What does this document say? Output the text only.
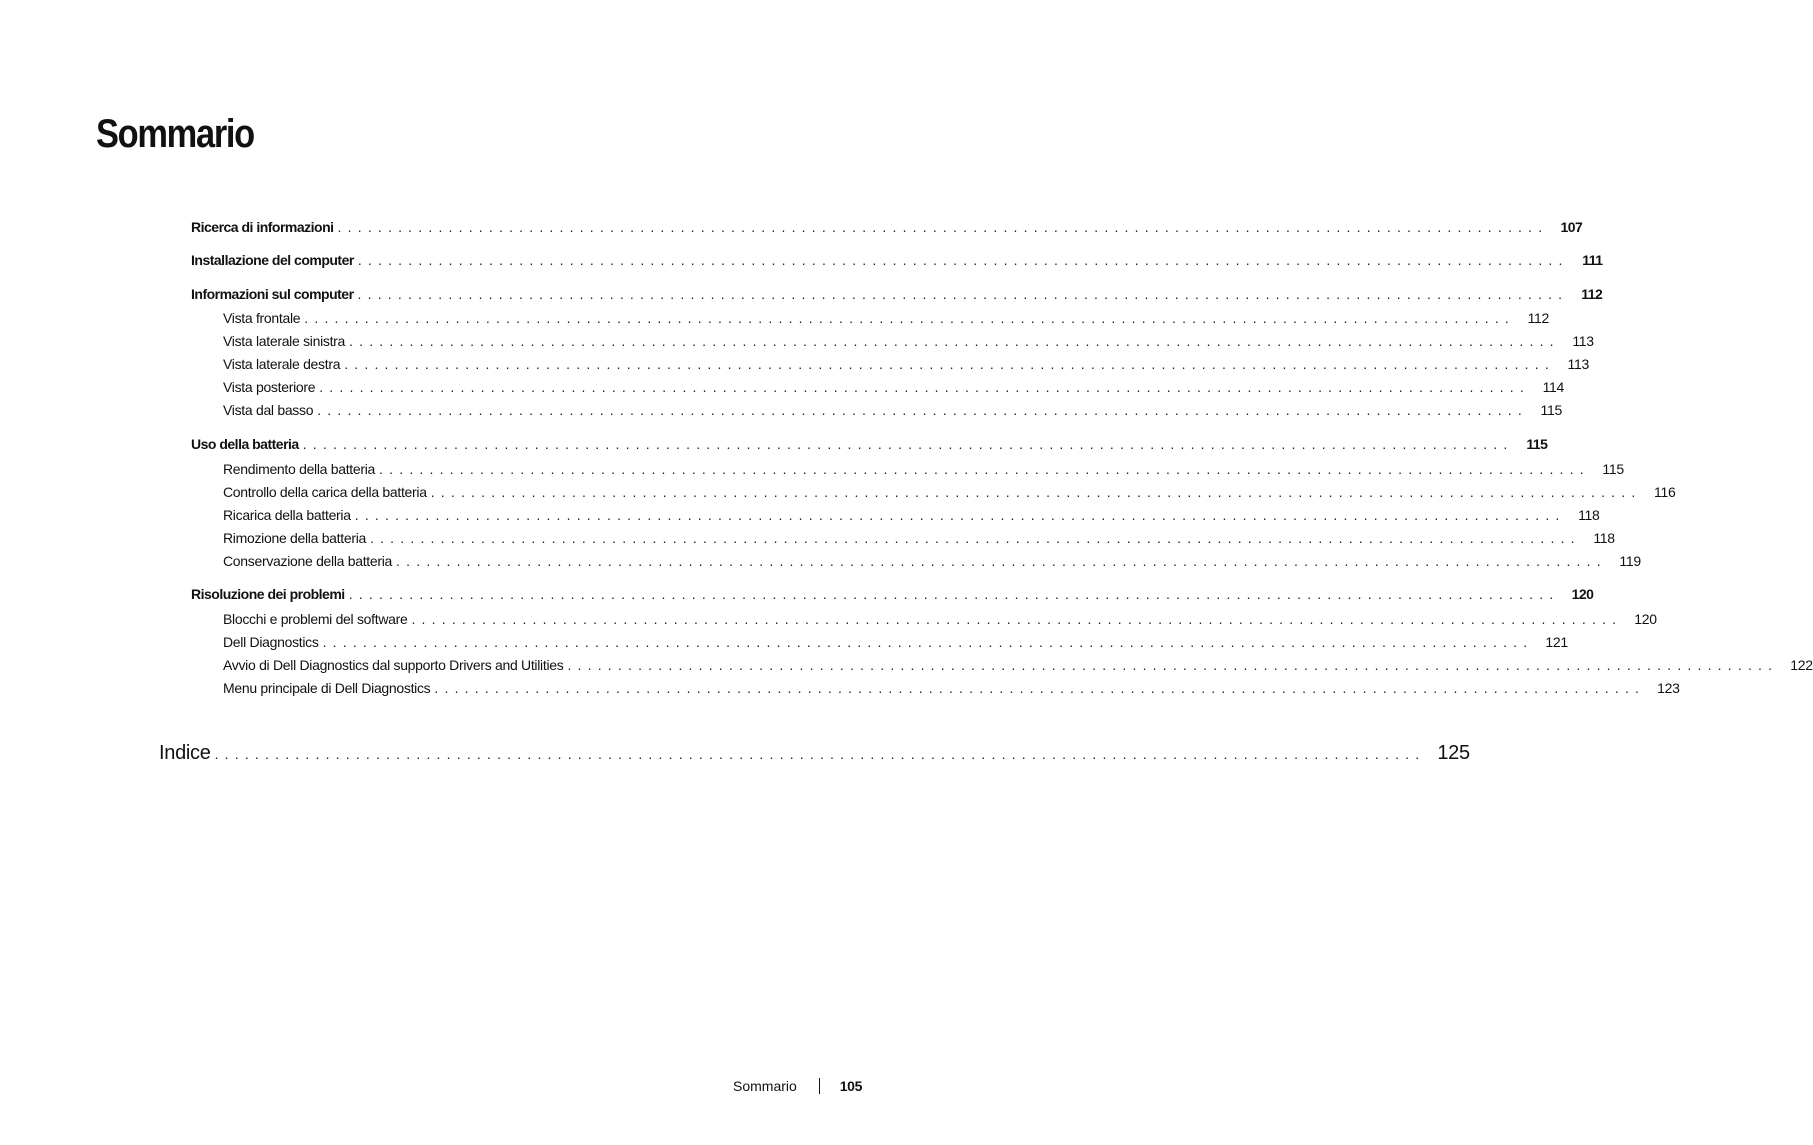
Sommario
Ricerca di informazioni ........................................................................................................................ 107
Installazione del computer ........................................................................................................................ 111
Informazioni sul computer ........................................................................................................................ 112
Vista frontale ........................................................................................................................ 112
Vista laterale sinistra ........................................................................................................................ 113
Vista laterale destra ........................................................................................................................ 113
Vista posteriore ........................................................................................................................ 114
Vista dal basso ........................................................................................................................ 115
Uso della batteria ........................................................................................................................ 115
Rendimento della batteria ........................................................................................................................ 115
Controllo della carica della batteria ........................................................................................................................ 116
Ricarica della batteria ........................................................................................................................ 118
Rimozione della batteria ........................................................................................................................ 118
Conservazione della batteria ........................................................................................................................ 119
Risoluzione dei problemi ........................................................................................................................ 120
Blocchi e problemi del software ........................................................................................................................ 120
Dell Diagnostics ........................................................................................................................ 121
Avvio di Dell Diagnostics dal supporto Drivers and Utilities ........................................................................................................................ 122
Menu principale di Dell Diagnostics ........................................................................................................................ 123
Indice ........................................................................................................................ 125
Sommario	105
